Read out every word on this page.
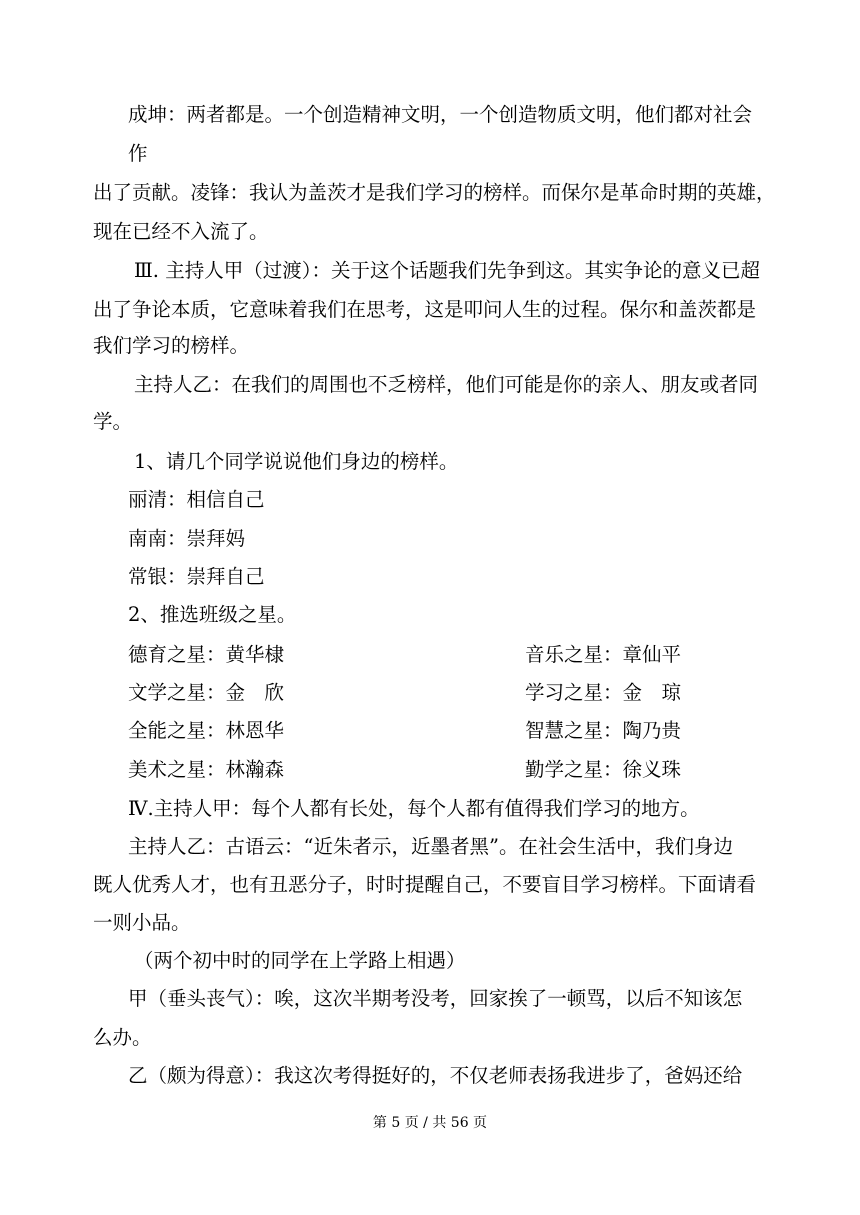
成坤：两者都是。一个创造精神文明，一个创造物质文明，他们都对社会
作
出了贡献。凌锋：我认为盖茨才是我们学习的榜样。而保尔是革命时期的英雄，
现在已经不入流了。
Ⅲ. 主持人甲（过渡）：关于这个话题我们先争到这。其实争论的意义已超
出了争论本质，它意味着我们在思考，这是叩问人生的过程。保尔和盖茨都是
我们学习的榜样。
主持人乙：在我们的周围也不乏榜样，他们可能是你的亲人、朋友或者同
学。
1、请几个同学说说他们身边的榜样。
丽清：相信自己
南南：崇拜妈
常银：崇拜自己
2、推选班级之星。
德育之星：黄华棣	音乐之星：章仙平
文学之星：金　欣	学习之星：金　琼
全能之星：林恩华	智慧之星：陶乃贵
美术之星：林瀚森	勤学之星：徐义珠
Ⅳ.主持人甲：每个人都有长处，每个人都有值得我们学习的地方。
主持人乙：古语云：“近朱者示，近墨者黑”。在社会生活中，我们身边
既人优秀人才，也有丑恶分子，时时提醒自己，不要盲目学习榜样。下面请看
一则小品。
（两个初中时的同学在上学路上相遇）
甲（垂头丧气）：唉，这次半期考没考，回家挨了一顿骂，以后不知该怎
么办。
乙（颇为得意）：我这次考得挺好的，不仅老师表扬我进步了，爸妈还给
第 5 页 / 共 56 页
